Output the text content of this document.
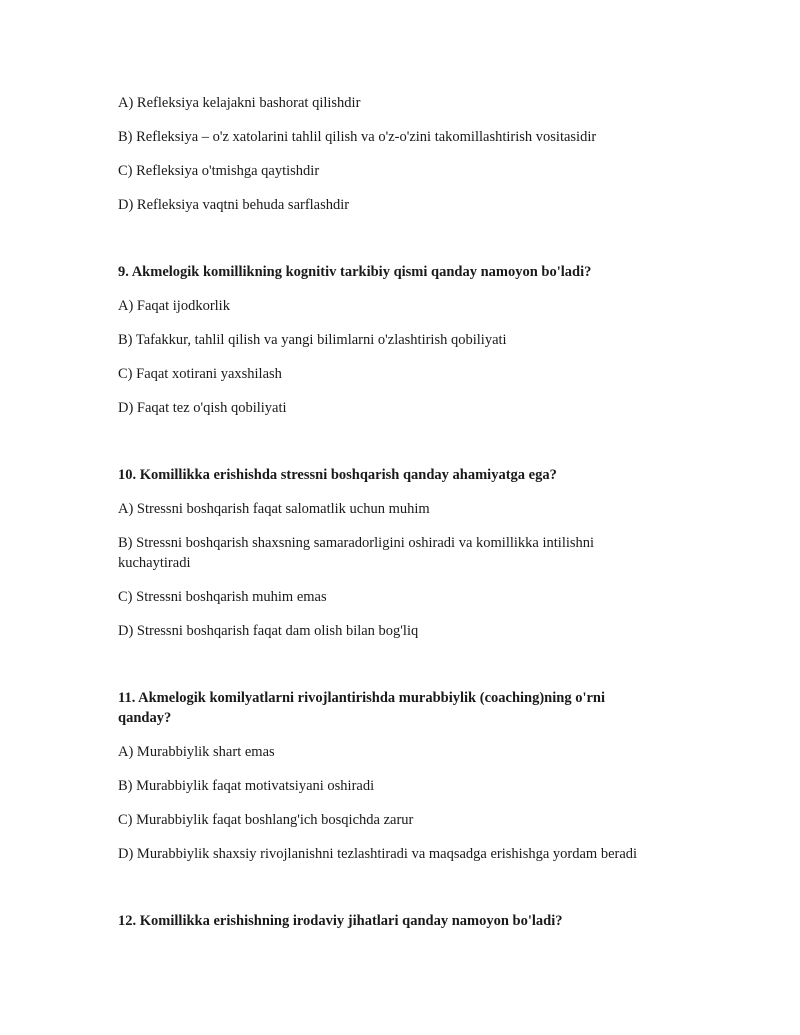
A) Refleksiya kelajakni bashorat qilishdir
B) Refleksiya – o'z xatolarini tahlil qilish va o'z-o'zini takomillashtirish vositasidir
C) Refleksiya o'tmishga qaytishdir
D) Refleksiya vaqtni behuda sarflashdir
9. Akmelogik komillikning kognitiv tarkibiy qismi qanday namoyon bo'ladi?
A) Faqat ijodkorlik
B) Tafakkur, tahlil qilish va yangi bilimlarni o'zlashtirish qobiliyati
C) Faqat xotirani yaxshilash
D) Faqat tez o'qish qobiliyati
10. Komillikka erishishda stressni boshqarish qanday ahamiyatga ega?
A) Stressni boshqarish faqat salomatlik uchun muhim
B) Stressni boshqarish shaxsning samaradorligini oshiradi va komillikka intilishni kuchaytiradi
C) Stressni boshqarish muhim emas
D) Stressni boshqarish faqat dam olish bilan bog'liq
11. Akmelogik komilyatlarni rivojlantirishda murabbiylik (coaching)ning o'rni qanday?
A) Murabbiylik shart emas
B) Murabbiylik faqat motivatsiyani oshiradi
C) Murabbiylik faqat boshlang'ich bosqichda zarur
D) Murabbiylik shaxsiy rivojlanishni tezlashtiradi va maqsadga erishishga yordam beradi
12. Komillikka erishishning irodaviy jihatlari qanday namoyon bo'ladi?
